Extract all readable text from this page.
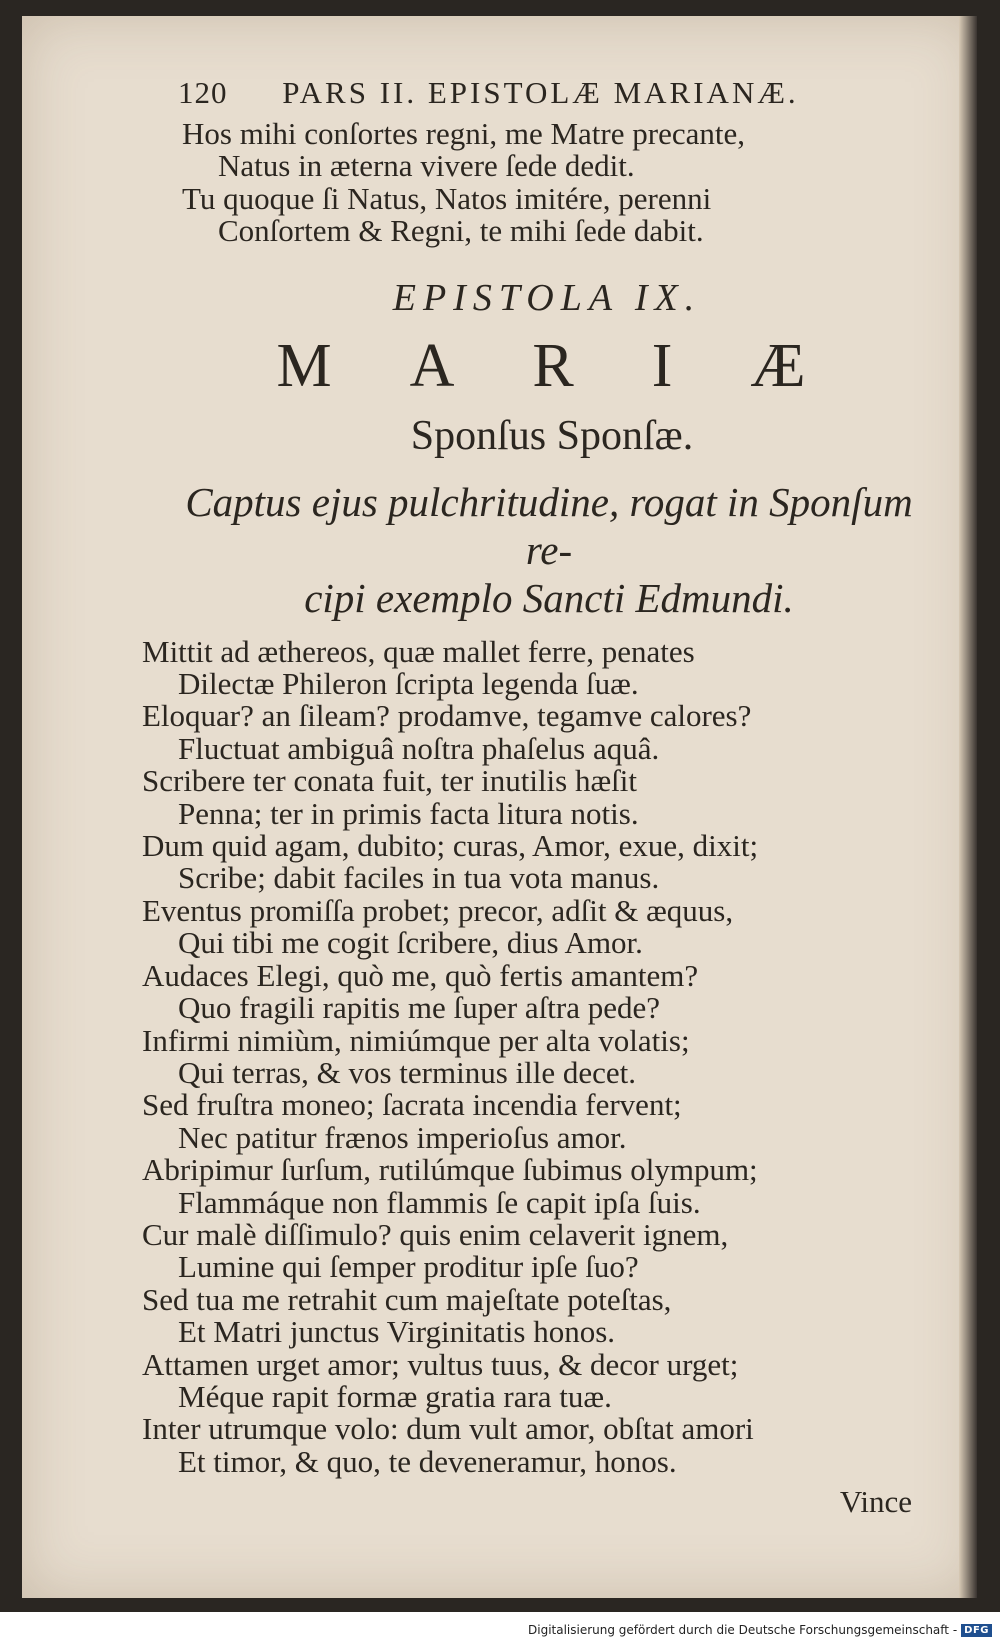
120 PARS II. EPISTOLÆ MARIANÆ.
Hos mihi conſortes regni, me Matre precante,
Natus in æterna vivere ſede dedit.
Tu quoque ſi Natus, Natos imitére, perenni
Conſortem & Regni, te mihi ſede dabit.
EPISTOLA IX.
MARIÆ
Sponſus Sponſæ.
Captus ejus pulchritudine, rogat in Sponſum re-
cipi exemplo Sancti Edmundi.
Mittit ad æthereos, quæ mallet ferre, penates
Dilectæ Phileron ſcripta legenda ſuæ.
Eloquar? an ſileam? prodamve, tegamve calores?
Fluctuat ambiguâ noſtra phaſelus aquâ.
Scribere ter conata fuit, ter inutilis hæſit
Penna; ter in primis facta litura notis.
Dum quid agam, dubito; curas, Amor, exue, dixit;
Scribe; dabit faciles in tua vota manus.
Eventus promiſſa probet; precor, adſit & æquus,
Qui tibi me cogit ſcribere, dius Amor.
Audaces Elegi, quò me, quò fertis amantem?
Quo fragili rapitis me ſuper aſtra pede?
Infirmi nimiùm, nimiúmque per alta volatis;
Qui terras, & vos terminus ille decet.
Sed fruſtra moneo; ſacrata incendia fervent;
Nec patitur frænos imperioſus amor.
Abripimur ſurſum, rutilúmque ſubimus olympum;
Flammáque non flammis ſe capit ipſa ſuis.
Cur malè diſſimulo? quis enim celaverit ignem,
Lumine qui ſemper proditur ipſe ſuo?
Sed tua me retrahit cum majeſtate poteſtas,
Et Matri junctus Virginitatis honos.
Attamen urget amor; vultus tuus, & decor urget;
Méque rapit formæ gratia rara tuæ.
Inter utrumque volo: dum vult amor, obſtat amori
Et timor, & quo, te deveneramur, honos.
Vince
Digitalisierung gefördert durch die Deutsche Forschungsgemeinschaft - DFG
